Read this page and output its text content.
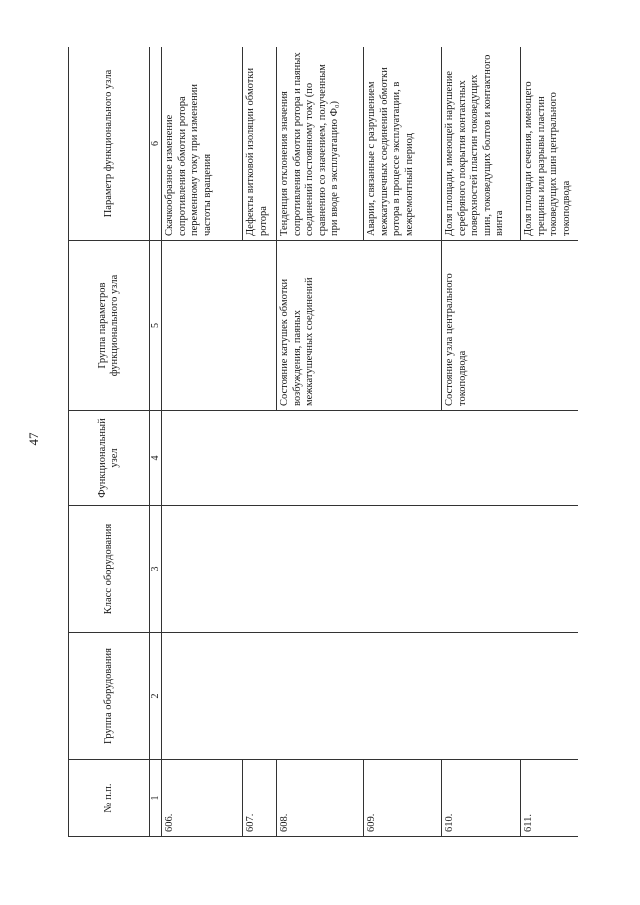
47
№ п.п.	Группа оборудования	Класс оборудования	Функциональный узел	Группа параметров функционального узла	Параметр функционального узла
1	2	3	4	5	6
606.					Скачкообразное изменение сопротивления обмотки ротора переменному току при изменении частоты вращения
607.					Дефекты витковой изоляции обмотки ротора
608.				Состояние катушек обмотки возбуждения, паяных межкатушечных соединений	Тенденция отклонения значения сопротивления обмотки ротора и паяных соединений постоянному току (по сравнению со значением, полученным при вводе в эксплуатацию Ф₀)
609.					Аварии, связанные с разрушением межкатушечных соединений обмотки ротора в процессе эксплуатации, в межремонтный период
610.				Состояние узла центрального токоподвода	Доля площади, имеющей нарушение серебряного покрытия контактных поверхностей пластин токоведущих шин, токоведущих болтов и контактного винта
611.					Доля площади сечения, имеющего трещины или разрывы пластин токоведущих шин центрального токоподвода
